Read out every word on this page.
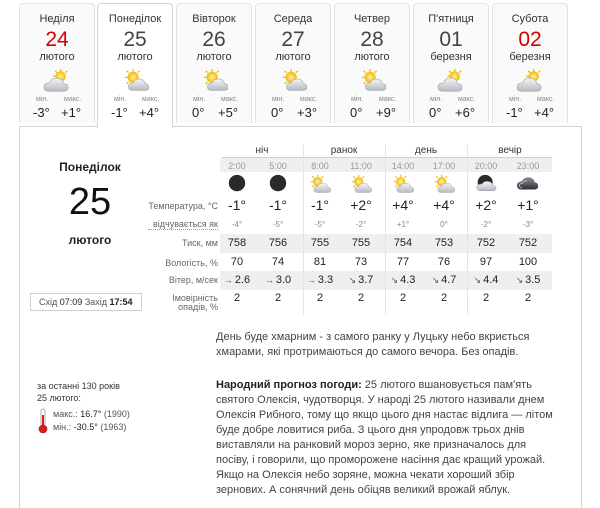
Неділя
24
лютого
мін. макс.
-3° +1°
Понеділок
25
лютого
мін. макс.
-1° +4°
Вівторок
26
лютого
мін. макс.
0° +5°
Середа
27
лютого
мін. макс.
0° +3°
Четвер
28
лютого
мін. макс.
0° +9°
П'ятниця
01
березня
мін. макс.
0° +6°
Субота
02
березня
мін. макс.
-1° +4°
Понеділок
25
лютого
Схід 07:09 Захід 17:54
ніч	ранок	день	вечір
2:00	5:00	8:00	11:00	14:00	17:00	20:00	23:00
Температура, °C -1°	-1°	-1°	+2°	+4°	+4°	+2°	+1°
відчувається як	-4°	-5°	-5°	-2°	+1°	0°	-2°	-3°
Тиск, мм 758	756	755	755	754	753	752	752
Вологість, %	70	74	81	73	77	76	97	100
Вітер, м/сек → 2.6	→ 3.0	→ 3.3	↘ 3.7	↘ 4.3	↘ 4.7	↘ 4.4	↘ 3.5
Імовірність
опадів, %
2	2	2	2	2	2	2	2
День буде хмарним - з самого ранку у Луцьку небо вкриється хмарами, які протримаються до самого вечора. Без опадів.
Народний прогноз погоди: 25 лютого вшановується пам'ять святого Олексія, чудотворця. У народі 25 лютого називали днем Олексія Рибного, тому що якщо цього дня настає відлига — літом буде добре ловитися риба. З цього дня упродовж трьох днів виставляли на ранковий мороз зерно, яке призначалось для посіву, і говорили, що проморожене насіння дає кращий урожай. Якщо на Олексія небо зоряне, можна чекати хороший збір зернових. А сонячний день обіцяв великий врожай яблук.
за останні 130 років
25 лютого:
макс.: 16.7° (1990)
мін.: -30.5° (1963)
